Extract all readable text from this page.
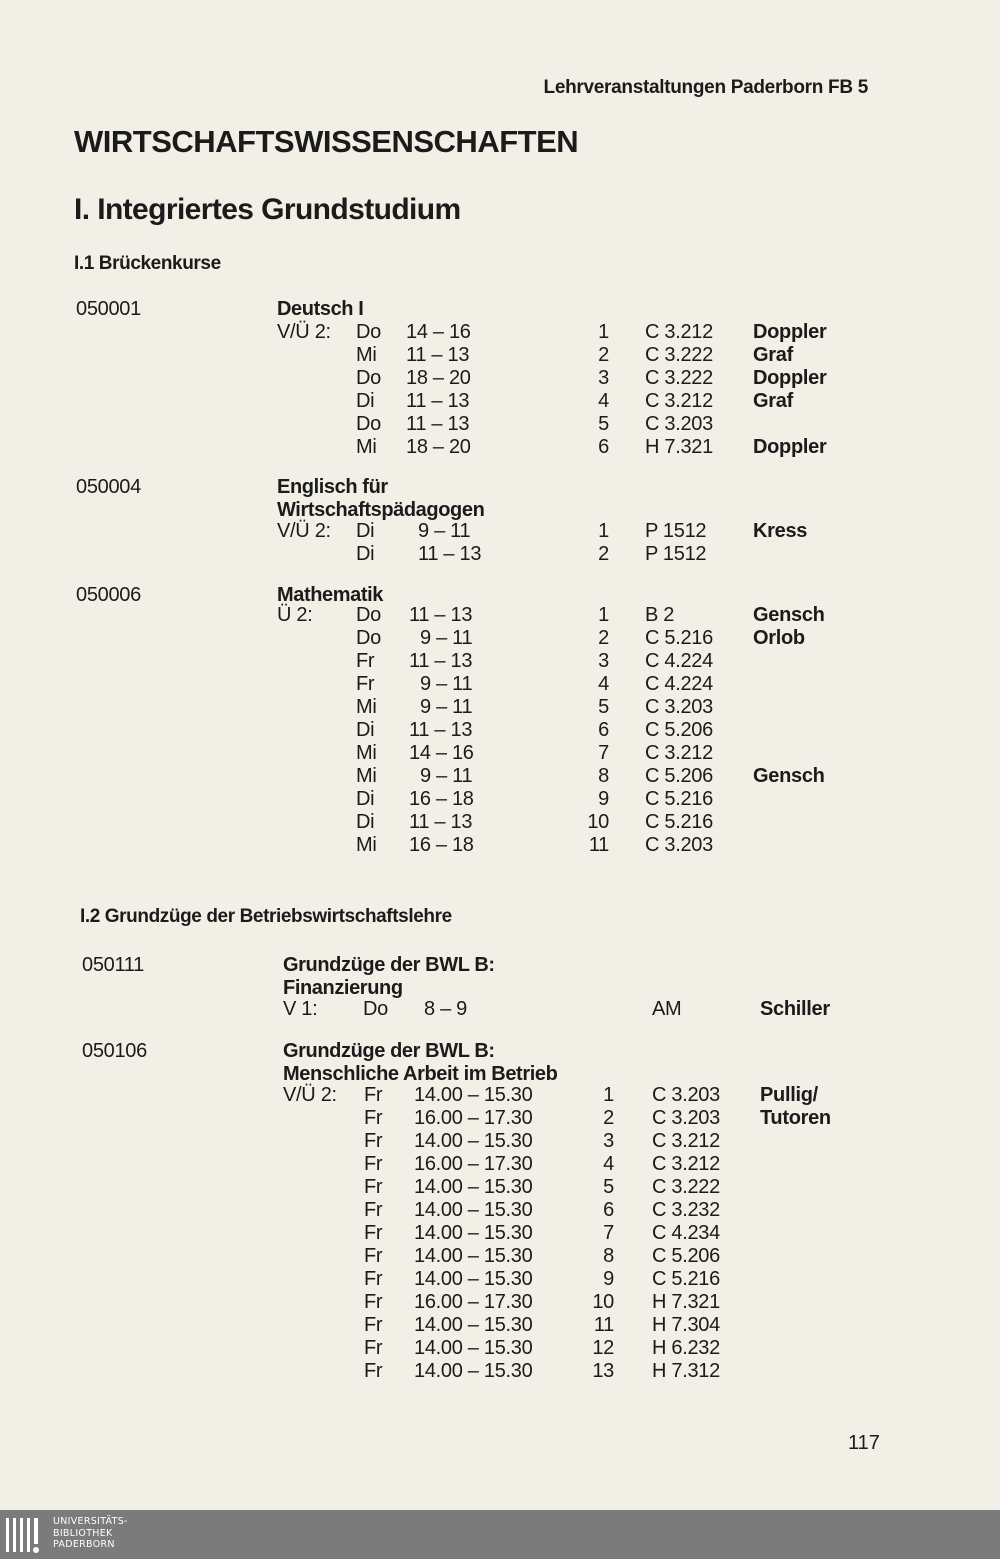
Lehrveranstaltungen Paderborn FB 5
WIRTSCHAFTSWISSENSCHAFTEN
I. Integriertes Grundstudium
I.1 Brückenkurse
050001	Deutsch I
V/Ü 2: Do 14 – 16	1 C 3.212 Doppler
Mi 11 – 13	2 C 3.222 Graf
Do 18 – 20	3 C 3.222 Doppler
Di 11 – 13	4 C 3.212 Graf
Do 11 – 13	5 C 3.203
Mi 18 – 20	6 H 7.321 Doppler
050004	Englisch für
Wirtschaftspädagogen
V/Ü 2: Di 9 – 11	1 P 1512 Kress
Di 11 – 13	2 P 1512
050006	Mathematik
Ü 2: Do 11 – 13	1 B 2	Gensch
Do 9 – 11	2 C 5.216 Orlob
Fr 11 – 13	3 C 4.224
Fr 9 – 11	4 C 4.224
Mi 9 – 11	5 C 3.203
Di 11 – 13	6 C 5.206
Mi 14 – 16	7 C 3.212
Mi 9 – 11	8 C 5.206 Gensch
Di 16 – 18	9 C 5.216
Di 11 – 13	10 C 5.216
Mi 16 – 18	11 C 3.203
I.2 Grundzüge der Betriebswirtschaftslehre
050111	Grundzüge der BWL B:
Finanzierung
V 1: Do 8 – 9	AM	Schiller
050106	Grundzüge der BWL B:
Menschliche Arbeit im Betrieb
V/Ü 2: Fr 14.00 – 15.30	1 C 3.203 Pullig/
Fr 16.00 – 17.30	2 C 3.203 Tutoren
Fr 14.00 – 15.30	3 C 3.212
Fr 16.00 – 17.30	4 C 3.212
Fr 14.00 – 15.30	5 C 3.222
Fr 14.00 – 15.30	6 C 3.232
Fr 14.00 – 15.30	7 C 4.234
Fr 14.00 – 15.30	8 C 5.206
Fr 14.00 – 15.30	9 C 5.216
Fr 16.00 – 17.30	10 H 7.321
Fr 14.00 – 15.30	11 H 7.304
Fr 14.00 – 15.30	12 H 6.232
Fr 14.00 – 15.30	13 H 7.312
117
UNIVERSITÄTS-
BIBLIOTHEK
PADERBORN
